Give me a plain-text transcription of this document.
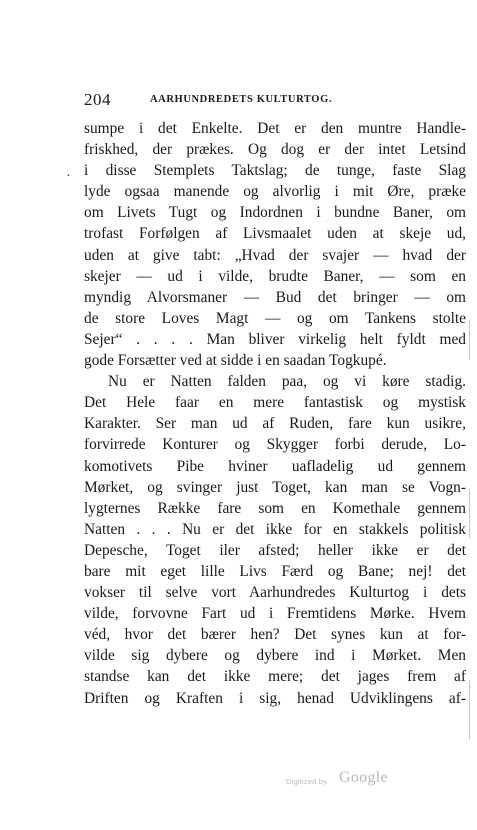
204	AARHUNDREDETS KULTURTOG.
·
sumpe i det Enkelte. Det er den muntre Handle-
friskhed, der prækes. Og dog er der intet Letsind
i disse Stemplets Taktslag; de tunge, faste Slag
lyde ogsaa manende og alvorlig i mit Øre, præke
om Livets Tugt og Indordnen i bundne Baner, om
trofast Forfølgen af Livsmaalet uden at skeje ud,
uden at give tabt: „Hvad der svajer — hvad der
skejer — ud i vilde, brudte Baner, — som en
myndig Alvorsmaner — Bud det bringer — om
de store Loves Magt — og om Tankens stolte
Sejer“ . . . . Man bliver virkelig helt fyldt med
gode Forsætter ved at sidde i en saadan Togkupé.
Nu er Natten falden paa, og vi køre stadig.
Det Hele faar en mere fantastisk og mystisk
Karakter. Ser man ud af Ruden, fare kun usikre,
forvirrede Konturer og Skygger forbi derude, Lo-
komotivets Pibe hviner uafladelig ud gennem
Mørket, og svinger just Toget, kan man se Vogn-
lygternes Række fare som en Komethale gennem
Natten . . . Nu er det ikke for en stakkels politisk
Depesche, Toget iler afsted; heller ikke er det
bare mit eget lille Livs Færd og Bane; nej! det
vokser til selve vort Aarhundredes Kulturtog i dets
vilde, forvovne Fart ud i Fremtidens Mørke. Hvem
véd, hvor det bærer hen? Det synes kun at for-
vilde sig dybere og dybere ind i Mørket. Men
standse kan det ikke mere; det jages frem af
Driften og Kraften i sig, henad Udviklingens af-
Digitized by Google
